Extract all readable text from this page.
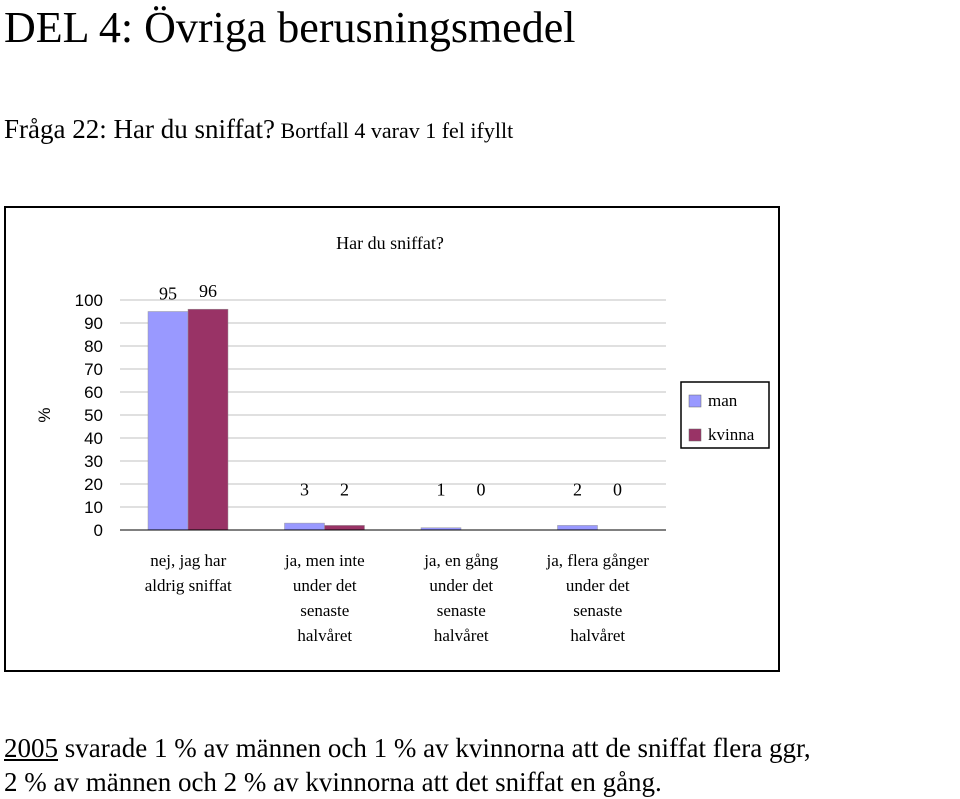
DEL 4: Övriga berusningsmedel

Fråga 22: Har du sniffat? Bortfall 4 varav 1 fel ifyllt

Har du sniffat?
0
10
20
30
40
50
60
70
80
90
100
%
95
3	1	2
96
2	0	0
nej, jag har
aldrig sniffat
ja, men inte
under det
senaste
halvåret
ja, en gång
under det
senaste
halvåret
ja, flera gånger
under det
senaste
halvåret
man
kvinna

2005 svarade 1 % av männen och 1 % av kvinnorna att de sniffat flera ggr,
2 % av männen och 2 % av kvinnorna att det sniffat en gång.
